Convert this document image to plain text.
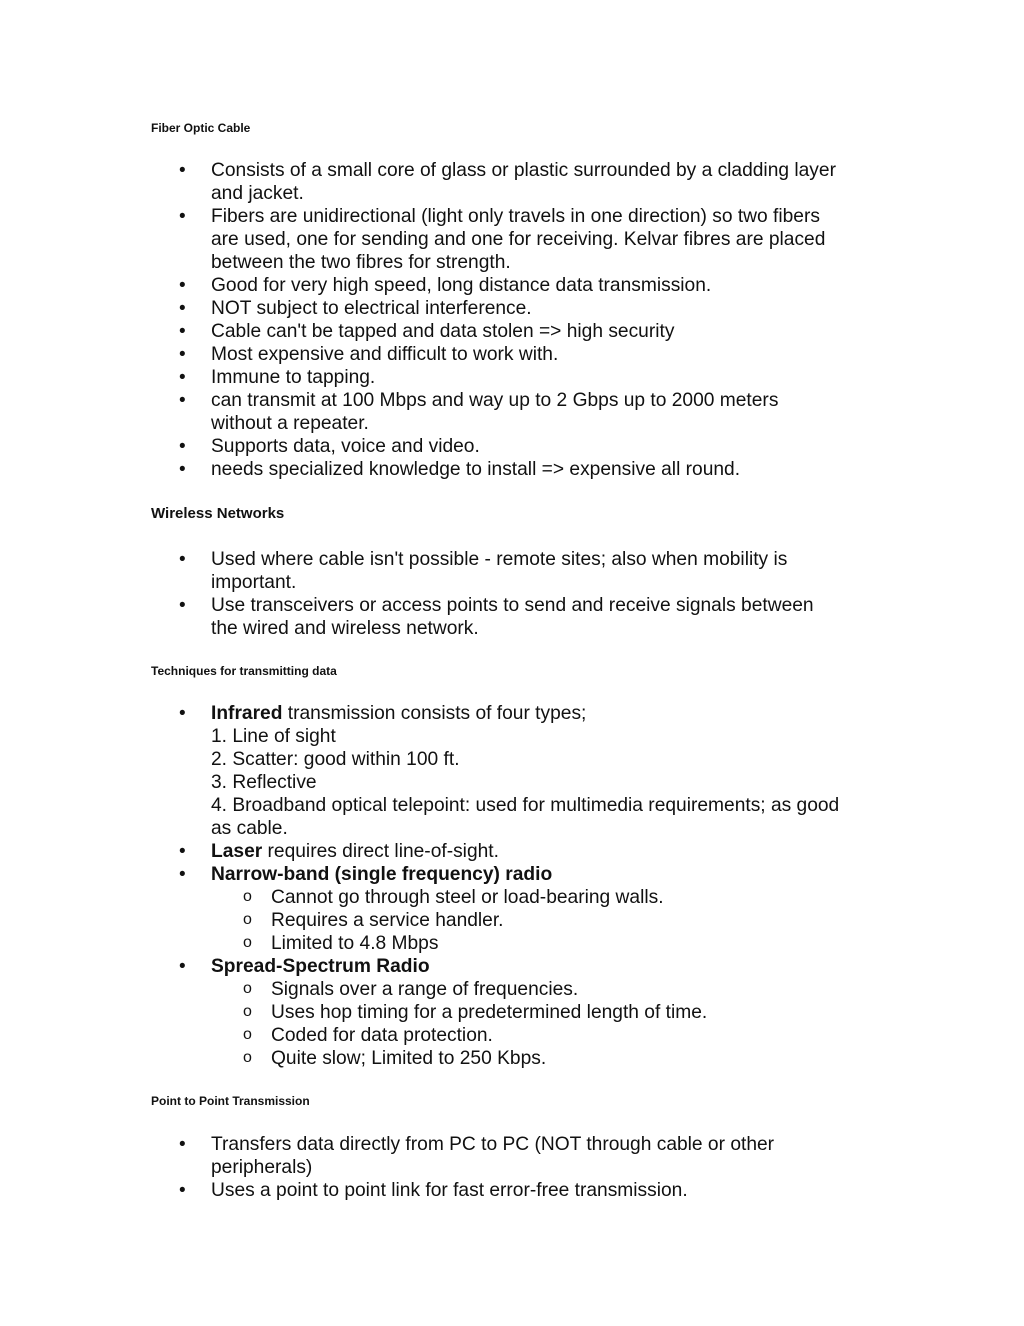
Fiber Optic Cable
• Consists of a small core of glass or plastic surrounded by a cladding layer
and jacket.
• Fibers are unidirectional (light only travels in one direction) so two fibers
are used, one for sending and one for receiving. Kelvar fibres are placed
between the two fibres for strength.
• Good for very high speed, long distance data transmission.
• NOT subject to electrical interference.
• Cable can't be tapped and data stolen => high security
• Most expensive and difficult to work with.
• Immune to tapping.
• can transmit at 100 Mbps and way up to 2 Gbps up to 2000 meters
without a repeater.
• Supports data, voice and video.
• needs specialized knowledge to install => expensive all round.
Wireless Networks
• Used where cable isn't possible - remote sites; also when mobility is
important.
• Use transceivers or access points to send and receive signals between
the wired and wireless network.
Techniques for transmitting data
• Infrared transmission consists of four types;
1. Line of sight
2. Scatter: good within 100 ft.
3. Reflective
4. Broadband optical telepoint: used for multimedia requirements; as good
as cable.
• Laser requires direct line-of-sight.
• Narrow-band (single frequency) radio
o Cannot go through steel or load-bearing walls.
o Requires a service handler.
o Limited to 4.8 Mbps
• Spread-Spectrum Radio
o Signals over a range of frequencies.
o Uses hop timing for a predetermined length of time.
o Coded for data protection.
o Quite slow; Limited to 250 Kbps.
Point to Point Transmission
• Transfers data directly from PC to PC (NOT through cable or other
peripherals)
• Uses a point to point link for fast error-free transmission.
